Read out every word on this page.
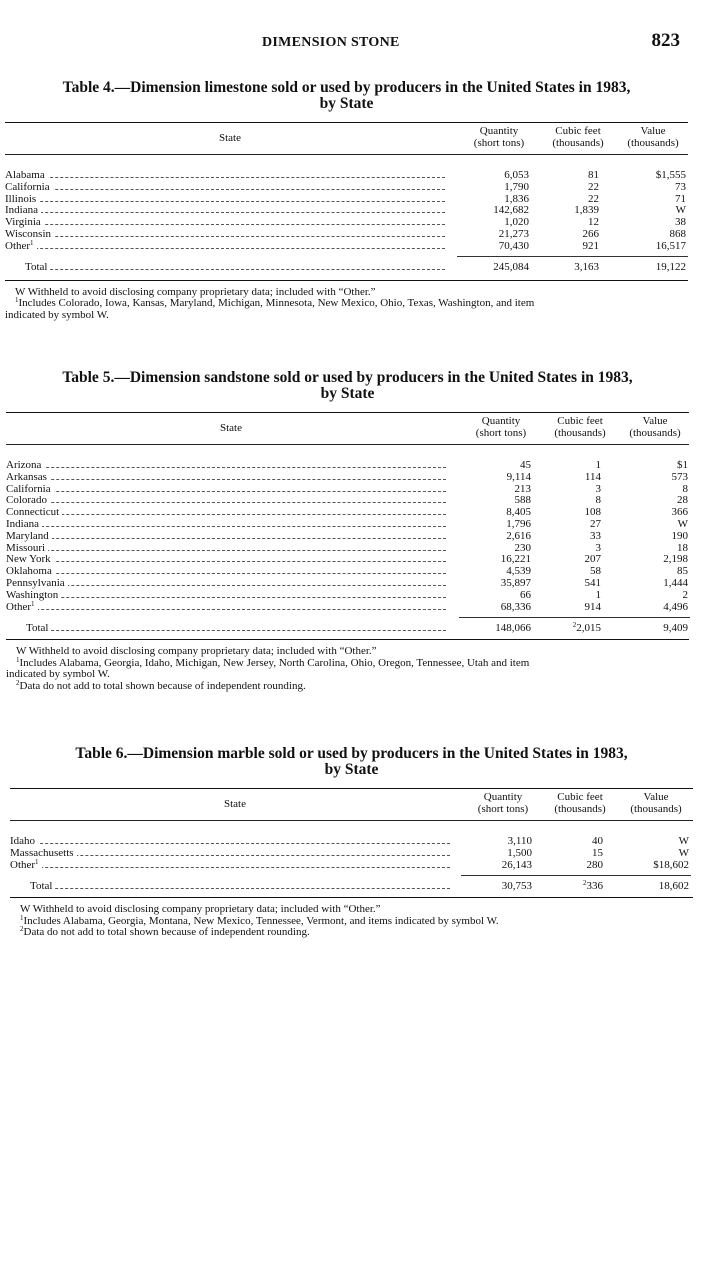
DIMENSION STONE	823

Table 4.—Dimension limestone sold or used by producers in the United States in 1983,

by State

State
Quantity
(short tons)
Cubic feet
(thousands)
Value
(thousands)
Alabama	6,053	81	$1,555
California	1,790	22	73
Illinois	1,836	22	71
Indiana	142,682	1,839	W
Virginia	1,020	12	38
Wisconsin	21,273	266	868
Other$^1$	70,430	921	16,517
Total	245,084	3,163	19,122

W Withheld to avoid disclosing company proprietary data; included with “Other.”

$^1$Includes Colorado, Iowa, Kansas, Maryland, Michigan, Minnesota, New Mexico, Ohio, Texas, Washington, and item

indicated by symbol W.

Table 5.—Dimension sandstone sold or used by producers in the United States in 1983,

by State

State
Quantity
(short tons)
Cubic feet
(thousands)
Value
(thousands)
Arizona	45	1	$1
Arkansas	9,114	114	573
California	213	3	8
Colorado	588	8	28
Connecticut	8,405	108	366
Indiana	1,796	27	W
Maryland	2,616	33	190
Missouri	230	3	18
New York	16,221	207	2,198
Oklahoma	4,539	58	85
Pennsylvania	35,897	541	1,444
Washington	66	1	2
Other$^1$	68,336	914	4,496
Total	148,066	$^2$2,015	9,409

W Withheld to avoid disclosing company proprietary data; included with “Other.”

$^1$Includes Alabama, Georgia, Idaho, Michigan, New Jersey, North Carolina, Ohio, Oregon, Tennessee, Utah and item

indicated by symbol W.

$^2$Data do not add to total shown because of independent rounding.

Table 6.—Dimension marble sold or used by producers in the United States in 1983,

by State

State
Quantity
(short tons)
Cubic feet
(thousands)
Value
(thousands)
Idaho	3,110	40	W
Massachusetts	1,500	15	W
Other$^1$	26,143	280	$18,602
Total	30,753	$^2$336	18,602

W Withheld to avoid disclosing company proprietary data; included with “Other.”

$^1$Includes Alabama, Georgia, Montana, New Mexico, Tennessee, Vermont, and items indicated by symbol W.

$^2$Data do not add to total shown because of independent rounding.
